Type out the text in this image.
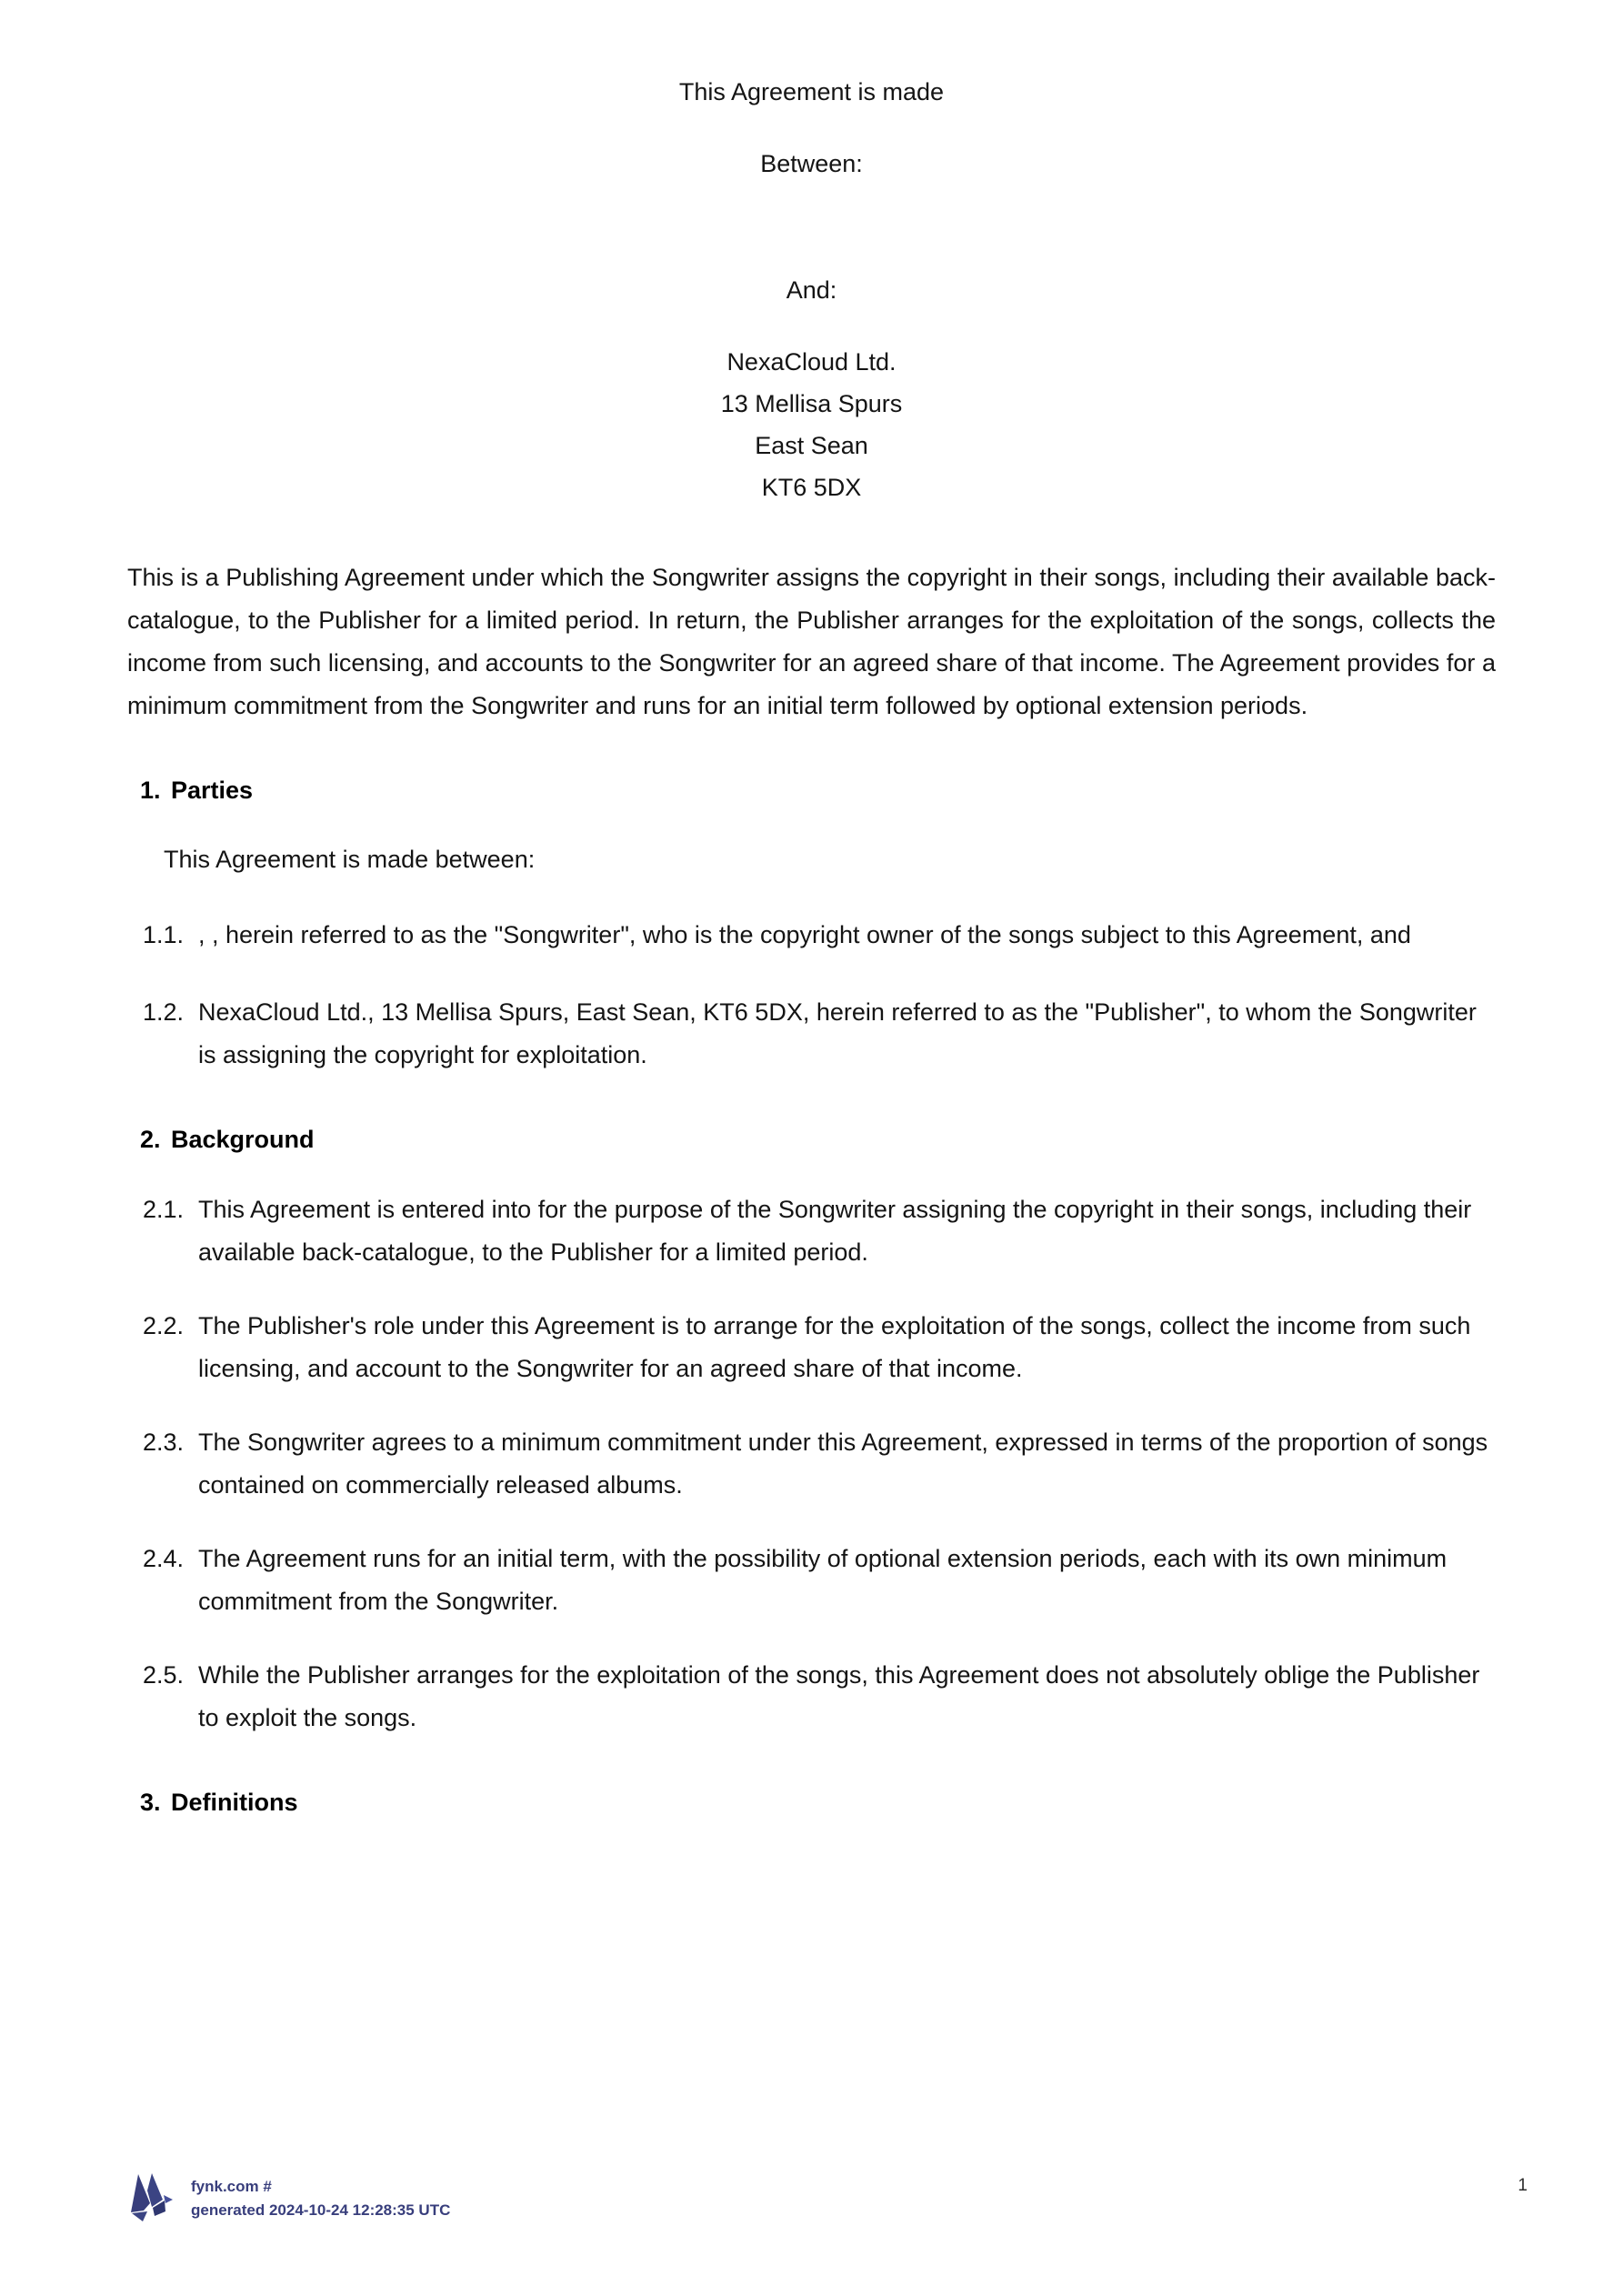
This Agreement is made
Between:
And:
NexaCloud Ltd.
13 Mellisa Spurs
East Sean
KT6 5DX

This is a Publishing Agreement under which the Songwriter assigns the copyright in their songs, including their available back-catalogue, to the Publisher for a limited period. In return, the Publisher arranges for the exploitation of the songs, collects the income from such licensing, and accounts to the Songwriter for an agreed share of that income. The Agreement provides for a minimum commitment from the Songwriter and runs for an initial term followed by optional extension periods.

1. Parties
This Agreement is made between:
1.1. , , herein referred to as the "Songwriter", who is the copyright owner of the songs subject to this Agreement, and
1.2. NexaCloud Ltd., 13 Mellisa Spurs, East Sean, KT6 5DX, herein referred to as the "Publisher", to whom the Songwriter is assigning the copyright for exploitation.
2. Background
2.1. This Agreement is entered into for the purpose of the Songwriter assigning the copyright in their songs, including their available back-catalogue, to the Publisher for a limited period.
2.2. The Publisher's role under this Agreement is to arrange for the exploitation of the songs, collect the income from such licensing, and account to the Songwriter for an agreed share of that income.
2.3. The Songwriter agrees to a minimum commitment under this Agreement, expressed in terms of the proportion of songs contained on commercially released albums.
2.4. The Agreement runs for an initial term, with the possibility of optional extension periods, each with its own minimum commitment from the Songwriter.
2.5. While the Publisher arranges for the exploitation of the songs, this Agreement does not absolutely oblige the Publisher to exploit the songs.
3. Definitions
fynk.com #
generated 2024-10-24 12:28:35 UTC
1
